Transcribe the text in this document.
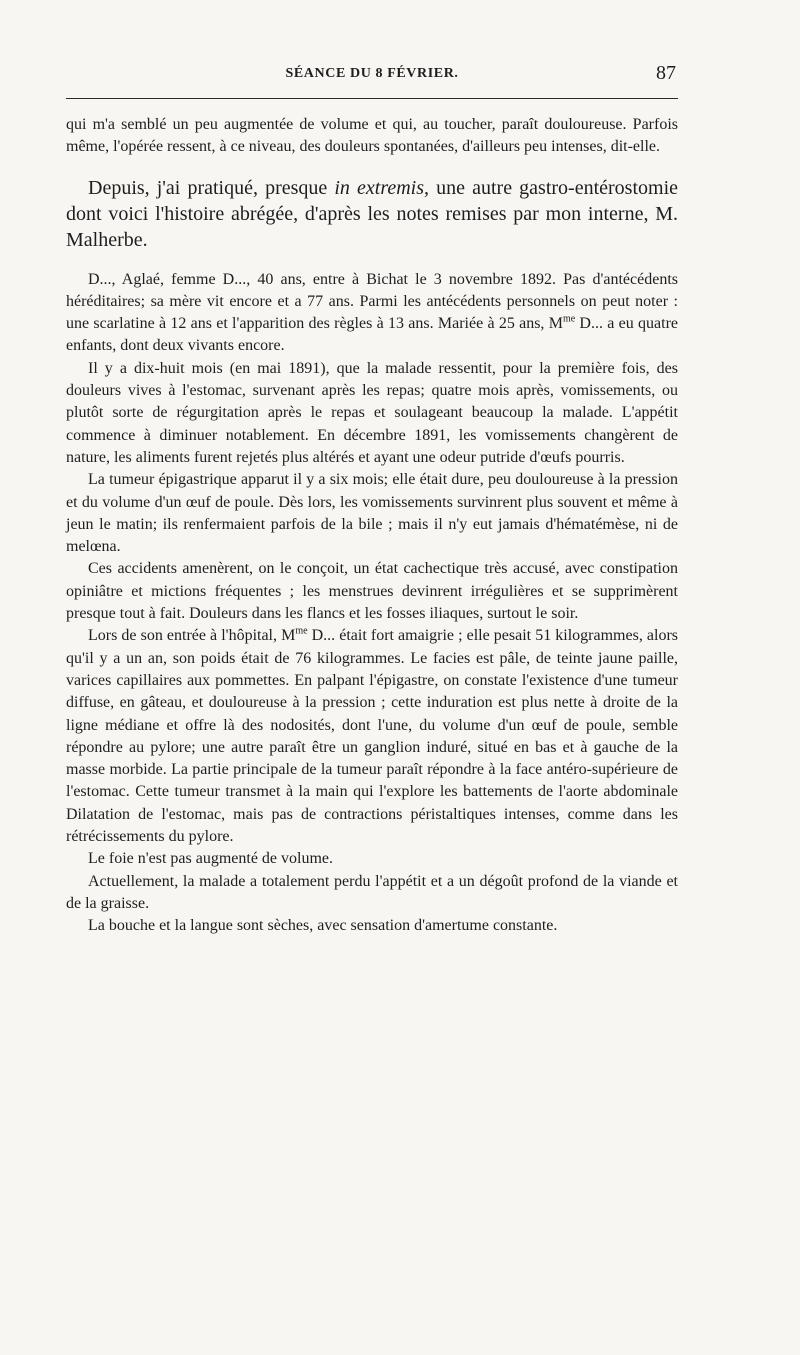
SÉANCE DU 8 FÉVRIER.	87

qui m'a semblé un peu augmentée de volume et qui, au toucher, paraît douloureuse. Parfois même, l'opérée ressent, à ce niveau, des douleurs spontanées, d'ailleurs peu intenses, dit-elle.

Depuis, j'ai pratiqué, presque in extremis, une autre gastro-entérostomie dont voici l'histoire abrégée, d'après les notes remises par mon interne, M. Malherbe.

D..., Aglaé, femme D..., 40 ans, entre à Bichat le 3 novembre 1892. Pas d'antécédents héréditaires; sa mère vit encore et a 77 ans. Parmi les antécédents personnels on peut noter : une scarlatine à 12 ans et l'apparition des règles à 13 ans. Mariée à 25 ans, $M^{me}$ D... a eu quatre enfants, dont deux vivants encore.

Il y a dix-huit mois (en mai 1891), que la malade ressentit, pour la première fois, des douleurs vives à l'estomac, survenant après les repas; quatre mois après, vomissements, ou plutôt sorte de régurgitation après le repas et soulageant beaucoup la malade. L'appétit commence à diminuer notablement. En décembre 1891, les vomissements changèrent de nature, les aliments furent rejetés plus altérés et ayant une odeur putride d'œufs pourris.

La tumeur épigastrique apparut il y a six mois; elle était dure, peu douloureuse à la pression et du volume d'un œuf de poule. Dès lors, les vomissements survinrent plus souvent et même à jeun le matin; ils renfermaient parfois de la bile ; mais il n'y eut jamais d'hématémèse, ni de melœna.

Ces accidents amenèrent, on le conçoit, un état cachectique très accusé, avec constipation opiniâtre et mictions fréquentes ; les menstrues devinrent irrégulières et se supprimèrent presque tout à fait. Douleurs dans les flancs et les fosses iliaques, surtout le soir.

Lors de son entrée à l'hôpital, $M^{me}$ D... était fort amaigrie ; elle pesait 51 kilogrammes, alors qu'il y a un an, son poids était de 76 kilogrammes. Le facies est pâle, de teinte jaune paille, varices capillaires aux pommettes. En palpant l'épigastre, on constate l'existence d'une tumeur diffuse, en gâteau, et douloureuse à la pression ; cette induration est plus nette à droite de la ligne médiane et offre là des nodosités, dont l'une, du volume d'un œuf de poule, semble répondre au pylore; une autre paraît être un ganglion induré, situé en bas et à gauche de la masse morbide. La partie principale de la tumeur paraît répondre à la face antéro-supérieure de l'estomac. Cette tumeur transmet à la main qui l'explore les battements de l'aorte abdominale Dilatation de l'estomac, mais pas de contractions péristaltiques intenses, comme dans les rétrécissements du pylore.

Le foie n'est pas augmenté de volume.

Actuellement, la malade a totalement perdu l'appétit et a un dégoût profond de la viande et de la graisse.

La bouche et la langue sont sèches, avec sensation d'amertume constante.
